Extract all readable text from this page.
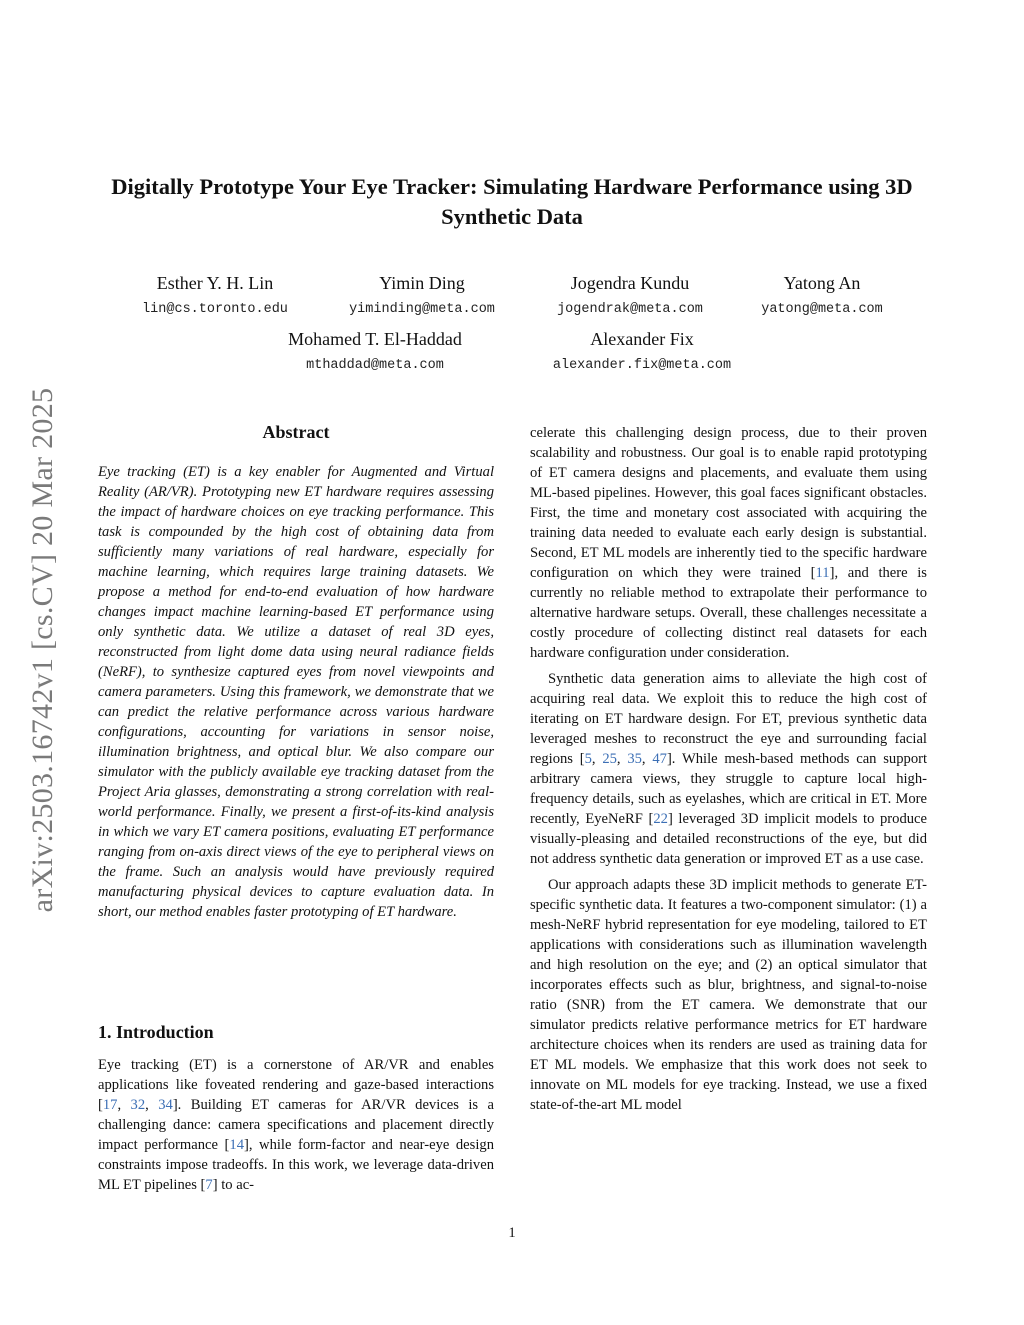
arXiv:2503.16742v1 [cs.CV] 20 Mar 2025
Digitally Prototype Your Eye Tracker: Simulating Hardware Performance using 3D Synthetic Data
Esther Y. H. Lin
lin@cs.toronto.edu
Yimin Ding
yiminding@meta.com
Jogendra Kundu
jogendrak@meta.com
Yatong An
yatong@meta.com
Mohamed T. El-Haddad
mthaddad@meta.com
Alexander Fix
alexander.fix@meta.com
Abstract

Eye tracking (ET) is a key enabler for Augmented and Virtual Reality (AR/VR). Prototyping new ET hardware requires assessing the impact of hardware choices on eye tracking performance. This task is compounded by the high cost of obtaining data from sufficiently many variations of real hardware, especially for machine learning, which requires large training datasets. We propose a method for end-to-end evaluation of how hardware changes impact machine learning-based ET performance using only synthetic data. We utilize a dataset of real 3D eyes, reconstructed from light dome data using neural radiance fields (NeRF), to synthesize captured eyes from novel viewpoints and camera parameters. Using this framework, we demonstrate that we can predict the relative performance across various hardware configurations, accounting for variations in sensor noise, illumination brightness, and optical blur. We also compare our simulator with the publicly available eye tracking dataset from the Project Aria glasses, demonstrating a strong correlation with real-world performance. Finally, we present a first-of-its-kind analysis in which we vary ET camera positions, evaluating ET performance ranging from on-axis direct views of the eye to peripheral views on the frame. Such an analysis would have previously required manufacturing physical devices to capture evaluation data. In short, our method enables faster prototyping of ET hardware.

1. Introduction

Eye tracking (ET) is a cornerstone of AR/VR and enables applications like foveated rendering and gaze-based interactions [17, 32, 34]. Building ET cameras for AR/VR devices is a challenging dance: camera specifications and placement directly impact performance [14], while form-factor and near-eye design constraints impose tradeoffs. In this work, we leverage data-driven ML ET pipelines [7] to ac-

celerate this challenging design process, due to their proven scalability and robustness. Our goal is to enable rapid prototyping of ET camera designs and placements, and evaluate them using ML-based pipelines. However, this goal faces significant obstacles. First, the time and monetary cost associated with acquiring the training data needed to evaluate each early design is substantial. Second, ET ML models are inherently tied to the specific hardware configuration on which they were trained [11], and there is currently no reliable method to extrapolate their performance to alternative hardware setups. Overall, these challenges necessitate a costly procedure of collecting distinct real datasets for each hardware configuration under consideration.

Synthetic data generation aims to alleviate the high cost of acquiring real data. We exploit this to reduce the high cost of iterating on ET hardware design. For ET, previous synthetic data leveraged meshes to reconstruct the eye and surrounding facial regions [5, 25, 35, 47]. While mesh-based methods can support arbitrary camera views, they struggle to capture local high-frequency details, such as eyelashes, which are critical in ET. More recently, EyeNeRF [22] leveraged 3D implicit models to produce visually-pleasing and detailed reconstructions of the eye, but did not address synthetic data generation or improved ET as a use case.

Our approach adapts these 3D implicit methods to generate ET-specific synthetic data. It features a two-component simulator: (1) a mesh-NeRF hybrid representation for eye modeling, tailored to ET applications with considerations such as illumination wavelength and high resolution on the eye; and (2) an optical simulator that incorporates effects such as blur, brightness, and signal-to-noise ratio (SNR) from the ET camera. We demonstrate that our simulator predicts relative performance metrics for ET hardware architecture choices when its renders are used as training data for ET ML models. We emphasize that this work does not seek to innovate on ML models for eye tracking. Instead, we use a fixed state-of-the-art ML model

1
